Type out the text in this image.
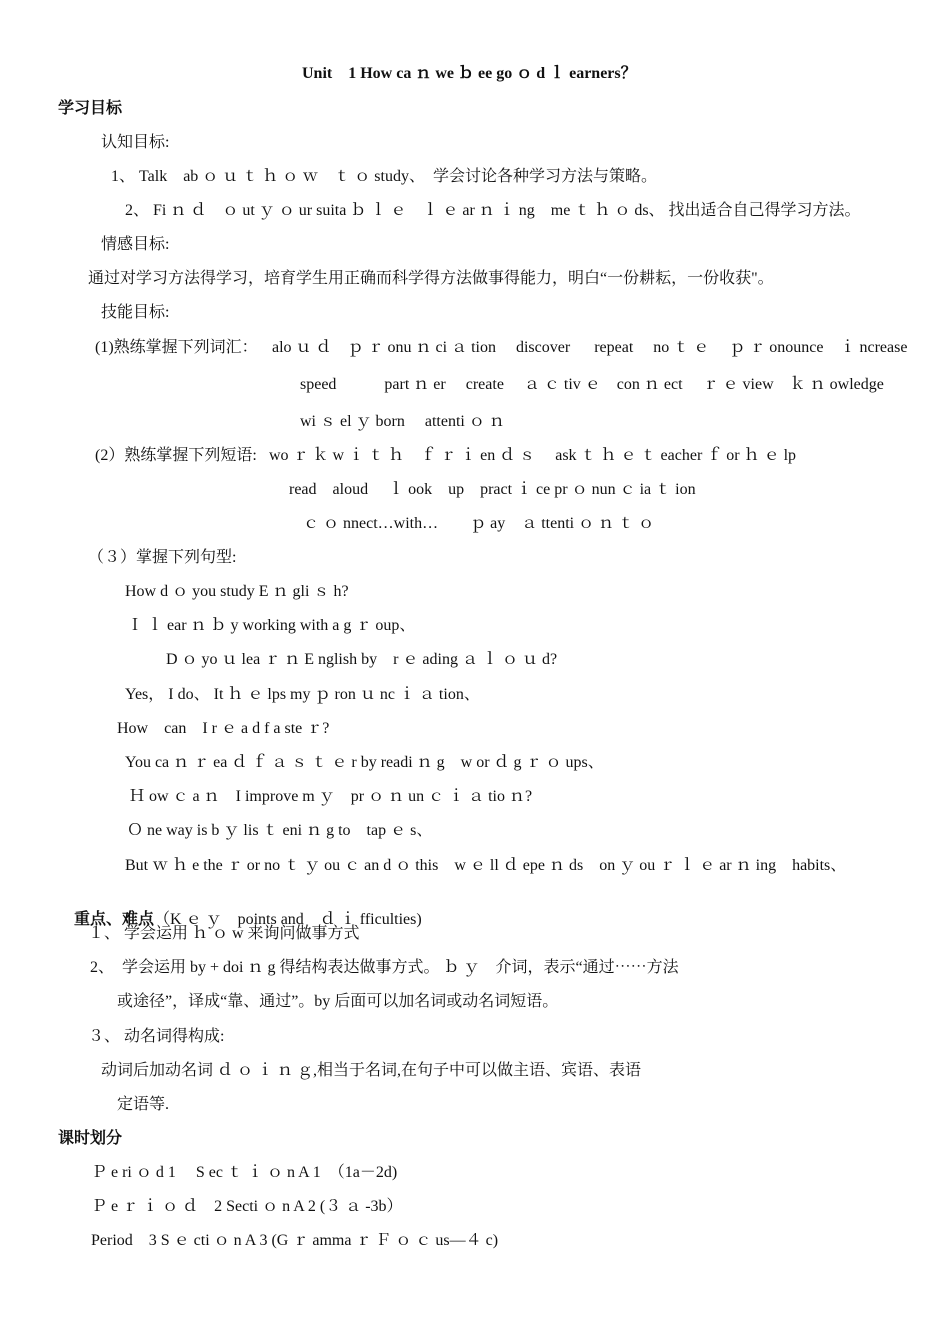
Unit　1 How ca ｎ we ｂ ee go ｏ d ｌ earners？
学习目标
认知目标:
1、 Talk　ab ｏ ｕ ｔ ｈ ｏ ｗ　ｔ ｏ study、　学会讨论各种学习方法与策略。
2、 Fi ｎ ｄ　ｏ ut ｙ ｏ ur suita ｂ ｌ ｅ　ｌ ｅ ar ｎ ｉ ng　me ｔ ｈ ｏ ds、 找出适合自己得学习方法。
情感目标:
通过对学习方法得学习，培育学生用正确而科学得方法做事得能力，明白“一份耕耘，一份收获"。
技能目标:
(1)熟练掌握下列词汇： alo ｕ ｄ　ｐ ｒ onu ｎ ci ａ tion　 discover　  repeat　 no ｔ ｅ　 ｐ ｒ onounce　ｉ ncrease
speed　　　part ｎ er　 create　 ａ ｃ tiv ｅ　con ｎ ect　 ｒ ｅ view　ｋ ｎ owledge
wi ｓ el ｙ born　 attenti ｏ ｎ
(2）熟练掌握下列短语: wo ｒ ｋ w ｉ ｔ ｈ　ｆ ｒ ｉ en ｄ ｓ　 ask ｔ ｈ ｅ ｔ eacher ｆ or ｈ ｅ lp
read　aloud　 ｌ ook　up　pract ｉ ce pr ｏ nun ｃ ia ｔ ion
ｃ ｏ nnect…with…　　ｐ ay　ａ ttenti ｏ ｎ ｔ ｏ
（３）掌握下列句型:
How d ｏ you study E ｎ gli ｓ h?
Ｉ ｌ ear ｎ ｂ y working with a g ｒ oup、
D ｏ yo ｕ lea ｒ ｎ E nglish by　r ｅ ading ａ ｌ ｏ ｕ d?
Yes， I do、 It ｈ ｅ lps my ｐ ron ｕ nc ｉ ａ tion、
How　can　I r ｅ a d f a ste ｒ?
You ca ｎ ｒ ea ｄ ｆ ａ ｓ ｔ ｅ r by readi ｎ g　w or ｄ g ｒ ｏ ups、
Ｈ ow ｃ a ｎ　I improve m ｙ　pr ｏ ｎ un ｃ ｉ ａ tio ｎ?
Ｏ ne way is b ｙ lis ｔ eni ｎ g to　tap ｅ s、
But ｗ ｈ e the ｒ or no ｔ ｙ ou ｃ an d ｏ this　w ｅ ll ｄ epe ｎ ds　on ｙ ou ｒ ｌ ｅ ar ｎ ing　habits、

重点、难点（K ｅ ｙ　points and　ｄ ｉ fficulties)

１、 学会运用 ｈ ｏ w 来询问做事方式
2、　学会运用 by + doi ｎ g 得结构表达做事方式。 ｂ ｙ　介词，表示“通过⋯⋯方法
或途径”，译成“靠、通过”。by 后面可以加名词或动名词短语。
３、 动名词得构成:
动词后加动名词 ｄ ｏ ｉ ｎ ｇ,相当于名词,在句子中可以做主语、宾语、表语
定语等.
课时划分
Ｐ e ri ｏ d 1　 S ec ｔ ｉ ｏ n A 1　（1a－2d)
Ｐ e ｒ ｉ ｏ ｄ　2 Secti ｏ n A 2 (３ ａ -3b）
Period　3 S ｅ cti ｏ n A 3 (G ｒ amma ｒ Ｆ ｏ ｃ us—４ c)
